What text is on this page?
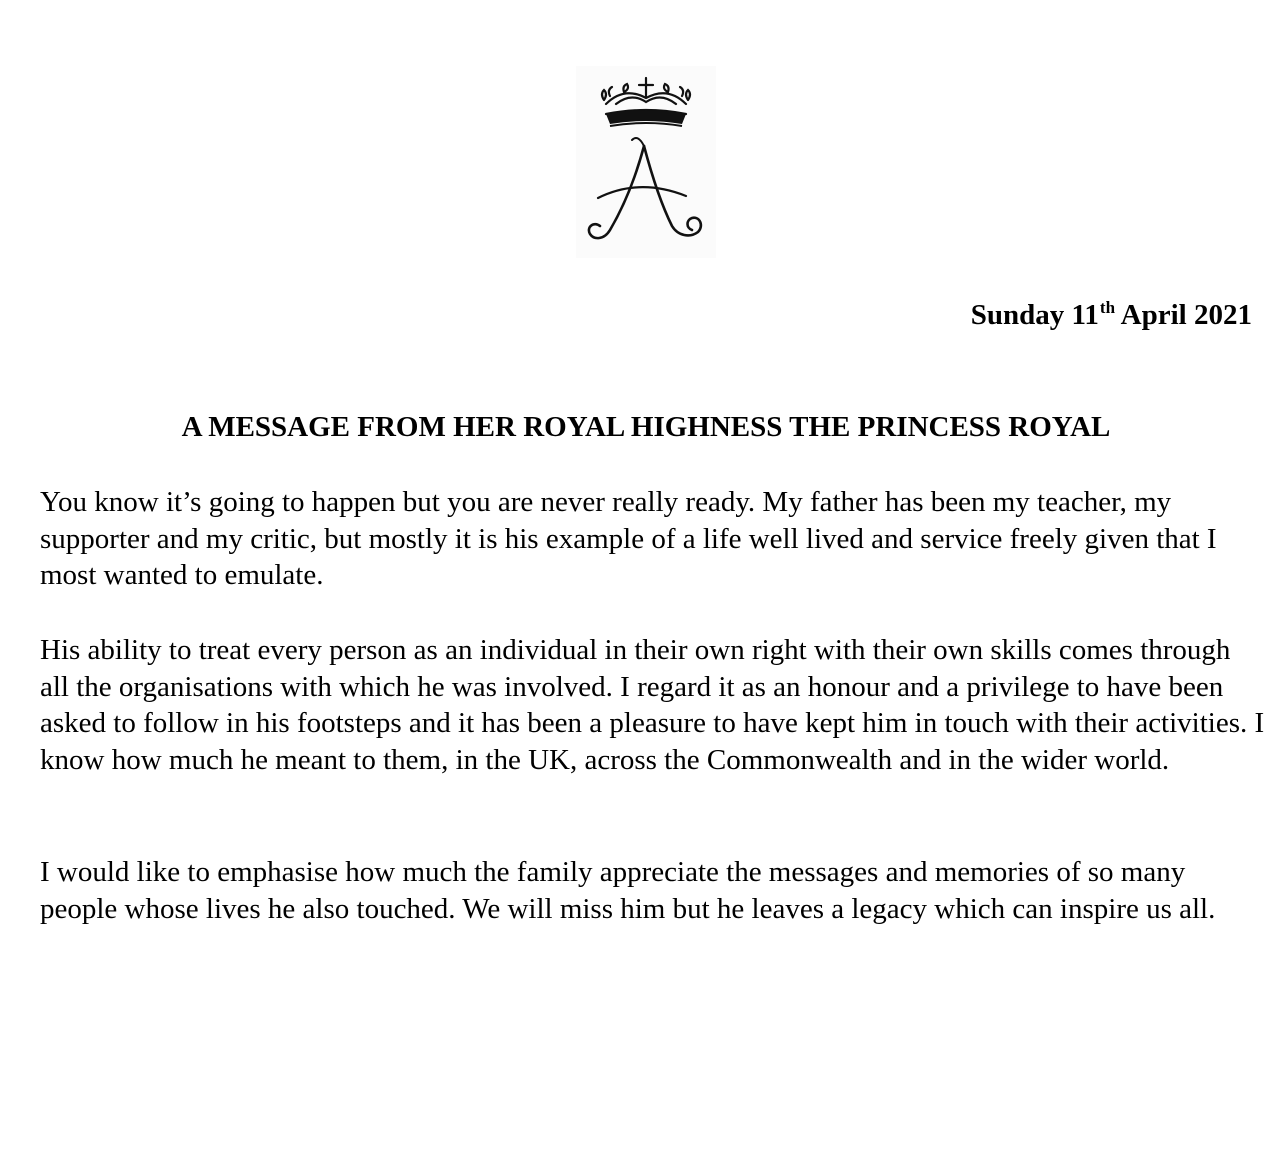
Sunday 11th April 2021
A MESSAGE FROM HER ROYAL HIGHNESS THE PRINCESS ROYAL

You know it’s going to happen but you are never really ready. My father has been my teacher, my supporter and my critic, but mostly it is his example of a life well lived and service freely given that I most wanted to emulate.

His ability to treat every person as an individual in their own right with their own skills comes through all the organisations with which he was involved. I regard it as an honour and a privilege to have been asked to follow in his footsteps and it has been a pleasure to have kept him in touch with their activities. I know how much he meant to them, in the UK, across the Commonwealth and in the wider world.

I would like to emphasise how much the family appreciate the messages and memories of so many people whose lives he also touched. We will miss him but he leaves a legacy which can inspire us all.
